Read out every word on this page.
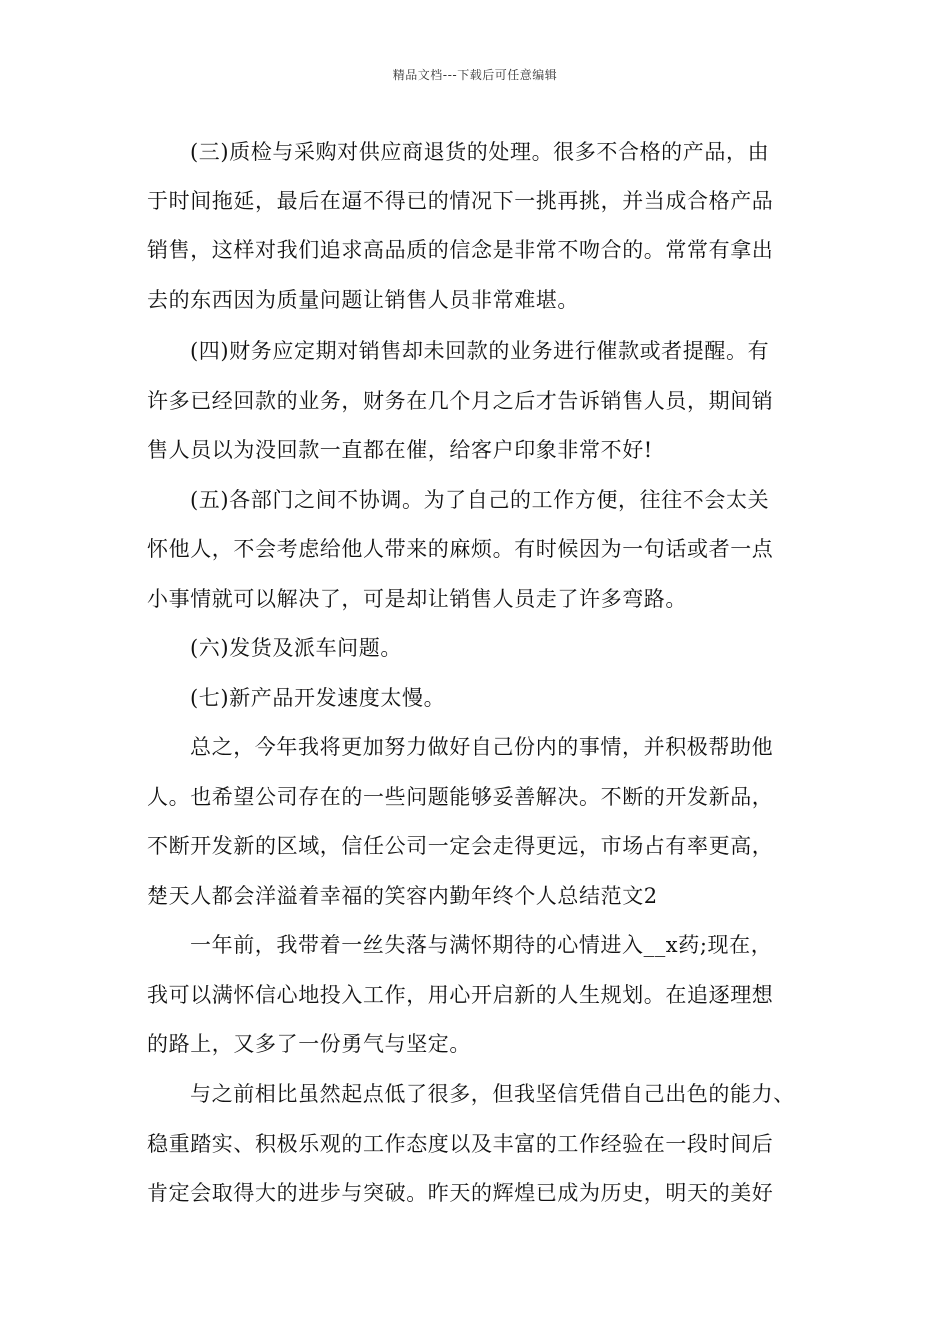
精品文档---下载后可任意编辑
(三)质检与采购对供应商退货的处理。很多不合格的产品，由
于时间拖延，最后在逼不得已的情况下一挑再挑，并当成合格产品
销售，这样对我们追求高品质的信念是非常不吻合的。常常有拿出
去的东西因为质量问题让销售人员非常难堪。
(四)财务应定期对销售却未回款的业务进行催款或者提醒。有
许多已经回款的业务，财务在几个月之后才告诉销售人员，期间销
售人员以为没回款一直都在催，给客户印象非常不好!
(五)各部门之间不协调。为了自己的工作方便，往往不会太关
怀他人，不会考虑给他人带来的麻烦。有时候因为一句话或者一点
小事情就可以解决了，可是却让销售人员走了许多弯路。
(六)发货及派车问题。
(七)新产品开发速度太慢。
总之，今年我将更加努力做好自己份内的事情，并积极帮助他
人。也希望公司存在的一些问题能够妥善解决。不断的开发新品，
不断开发新的区域，信任公司一定会走得更远，市场占有率更高，
楚天人都会洋溢着幸福的笑容内勤年终个人总结范文2
一年前，我带着一丝失落与满怀期待的心情进入__x药;现在，
我可以满怀信心地投入工作，用心开启新的人生规划。在追逐理想
的路上，又多了一份勇气与坚定。
与之前相比虽然起点低了很多，但我坚信凭借自己出色的能力、
稳重踏实、积极乐观的工作态度以及丰富的工作经验在一段时间后
肯定会取得大的进步与突破。昨天的辉煌已成为历史，明天的美好
